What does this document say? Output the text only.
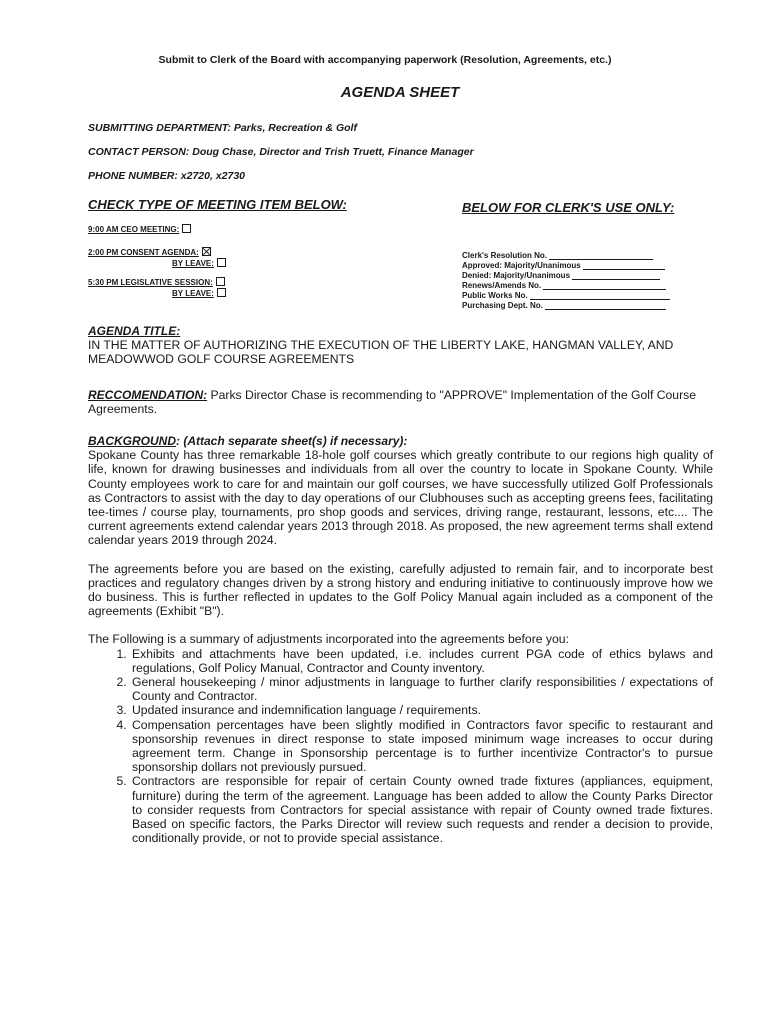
Submit to Clerk of the Board with accompanying paperwork (Resolution, Agreements, etc.)
AGENDA SHEET
SUBMITTING DEPARTMENT: Parks, Recreation & Golf
CONTACT PERSON: Doug Chase, Director and Trish Truett, Finance Manager
PHONE NUMBER: x2720, x2730
CHECK TYPE OF MEETING ITEM BELOW:	BELOW FOR CLERK'S USE ONLY:
9:00 AM CEO MEETING:
2:00 PM CONSENT AGENDA:
BY LEAVE:
5:30 PM LEGISLATIVE SESSION:
BY LEAVE:
Clerk's Resolution No.
Approved: Majority/Unanimous
Denied: Majority/Unanimous
Renews/Amends No.
Public Works No.
Purchasing Dept. No.
AGENDA TITLE:
IN THE MATTER OF AUTHORIZING THE EXECUTION OF THE LIBERTY LAKE, HANGMAN VALLEY, AND MEADOWWOD GOLF COURSE AGREEMENTS
RECCOMENDATION: Parks Director Chase is recommending to "APPROVE" Implementation of the Golf Course Agreements.
BACKGROUND: (Attach separate sheet(s) if necessary):
Spokane County has three remarkable 18-hole golf courses which greatly contribute to our regions high quality of life, known for drawing businesses and individuals from all over the country to locate in Spokane County. While County employees work to care for and maintain our golf courses, we have successfully utilized Golf Professionals as Contractors to assist with the day to day operations of our Clubhouses such as accepting greens fees, facilitating tee-times / course play, tournaments, pro shop goods and services, driving range, restaurant, lessons, etc.... The current agreements extend calendar years 2013 through 2018. As proposed, the new agreement terms shall extend calendar years 2019 through 2024.
The agreements before you are based on the existing, carefully adjusted to remain fair, and to incorporate best practices and regulatory changes driven by a strong history and enduring initiative to continuously improve how we do business. This is further reflected in updates to the Golf Policy Manual again included as a component of the agreements (Exhibit "B").
The Following is a summary of adjustments incorporated into the agreements before you:
1. Exhibits and attachments have been updated, i.e. includes current PGA code of ethics bylaws and regulations, Golf Policy Manual, Contractor and County inventory.
2. General housekeeping / minor adjustments in language to further clarify responsibilities / expectations of County and Contractor.
3. Updated insurance and indemnification language / requirements.
4. Compensation percentages have been slightly modified in Contractors favor specific to restaurant and sponsorship revenues in direct response to state imposed minimum wage increases to occur during agreement term. Change in Sponsorship percentage is to further incentivize Contractor's to pursue sponsorship dollars not previously pursued.
5. Contractors are responsible for repair of certain County owned trade fixtures (appliances, equipment, furniture) during the term of the agreement. Language has been added to allow the County Parks Director to consider requests from Contractors for special assistance with repair of County owned trade fixtures. Based on specific factors, the Parks Director will review such requests and render a decision to provide, conditionally provide, or not to provide special assistance.
